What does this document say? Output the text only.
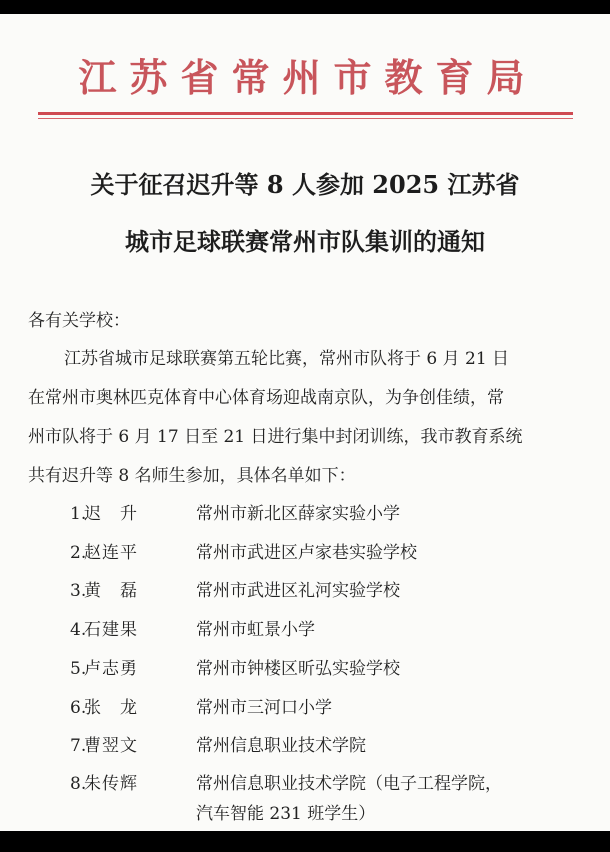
江苏省常州市教育局
关于征召迟升等 8 人参加 2025 江苏省
城市足球联赛常州市队集训的通知
各有关学校：
江苏省城市足球联赛第五轮比赛，常州市队将于 6 月 21 日
在常州市奥林匹克体育中心体育场迎战南京队，为争创佳绩，常
州市队将于 6 月 17 日至 21 日进行集中封闭训练，我市教育系统
共有迟升等 8 名师生参加，具体名单如下：
1.迟　升	常州市新北区薛家实验小学
2.赵连平	常州市武进区卢家巷实验学校
3.黄　磊	常州市武进区礼河实验学校
4.石建果	常州市虹景小学
5.卢志勇	常州市钟楼区昕弘实验学校
6.张　龙	常州市三河口小学
7.曹翌文	常州信息职业技术学院
8.朱传辉	常州信息职业技术学院（电子工程学院，
汽车智能 231 班学生）
